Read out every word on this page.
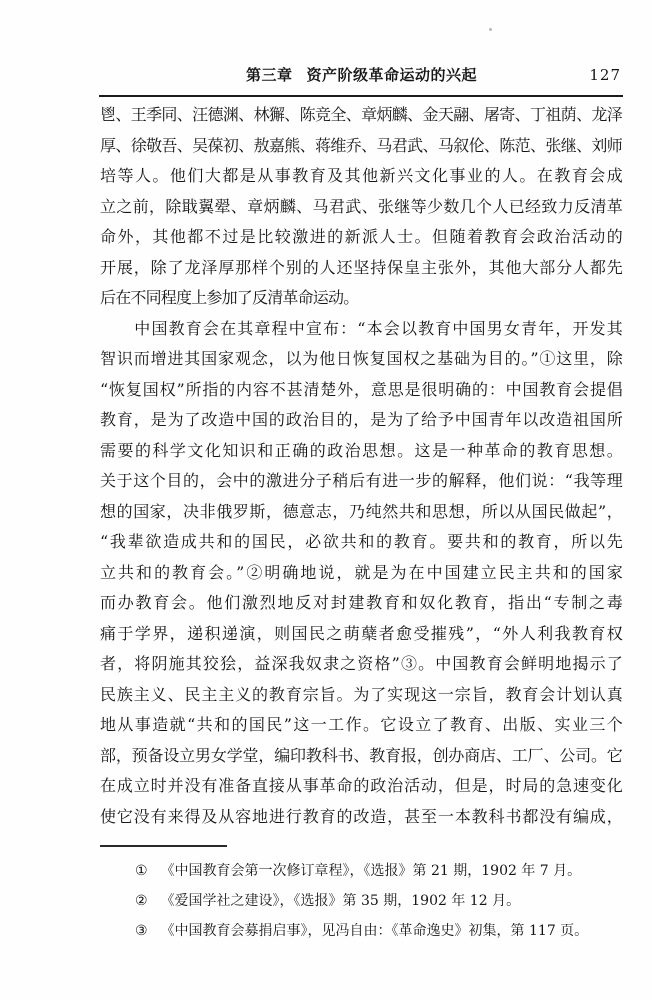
第三章 资产阶级革命运动的兴起	127
鬯、王季同、汪德渊、林獬、陈竞全、章炳麟、金天翮、屠寄、丁祖荫、龙泽
厚、徐敬吾、吴葆初、敖嘉熊、蒋维乔、马君武、马叙伦、陈范、张继、刘师
培等人。他们大都是从事教育及其他新兴文化事业的人。在教育会成
立之前，除戢翼翚、章炳麟、马君武、张继等少数几个人已经致力反清革
命外，其他都不过是比较激进的新派人士。但随着教育会政治活动的
开展，除了龙泽厚那样个别的人还坚持保皇主张外，其他大部分人都先
后在不同程度上参加了反清革命运动。
　　中国教育会在其章程中宣布：“本会以教育中国男女青年，开发其
智识而增进其国家观念，以为他日恢复国权之基础为目的。”①这里，除
“恢复国权”所指的内容不甚清楚外，意思是很明确的：中国教育会提倡
教育，是为了改造中国的政治目的，是为了给予中国青年以改造祖国所
需要的科学文化知识和正确的政治思想。这是一种革命的教育思想。
关于这个目的，会中的激进分子稍后有进一步的解释，他们说：“我等理
想的国家，决非俄罗斯，德意志，乃纯然共和思想，所以从国民做起”，
“我辈欲造成共和的国民，必欲共和的教育。要共和的教育，所以先
立共和的教育会。”②明确地说，就是为在中国建立民主共和的国家
而办教育会。他们激烈地反对封建教育和奴化教育，指出“专制之毒
痛于学界，递积递演，则国民之萌蘖者愈受摧残”，“外人利我教育权
者，将阴施其狡狯，益深我奴隶之资格”③。中国教育会鲜明地揭示了
民族主义、民主主义的教育宗旨。为了实现这一宗旨，教育会计划认真
地从事造就“共和的国民”这一工作。它设立了教育、出版、实业三个
部，预备设立男女学堂，编印教科书、教育报，创办商店、工厂、公司。它
在成立时并没有准备直接从事革命的政治活动，但是，时局的急速变化
使它没有来得及从容地进行教育的改造，甚至一本教科书都没有编成，
① 《中国教育会第一次修订章程》，《选报》第 21 期，1902 年 7 月。
② 《爱国学社之建设》，《选报》第 35 期，1902 年 12 月。
③ 《中国教育会募捐启事》，见冯自由：《革命逸史》初集，第 117 页。
